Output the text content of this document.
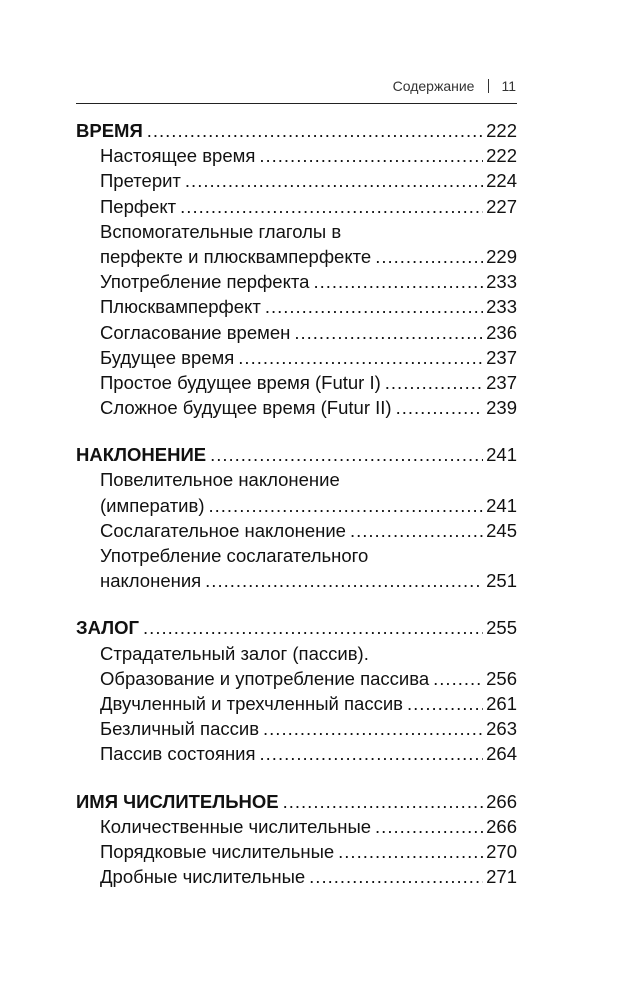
Содержание 11
ВРЕМЯ .....	222
Настоящее время .....	222
Претерит .....	224
Перфект .....	227
Вспомогательные глаголы в
перфекте и плюсквамперфекте .....	229
Употребление перфекта .....	233
Плюсквамперфект .....	233
Согласование времен .....	236
Будущее время .....	237
Простое будущее время (Futur I) .....	237
Сложное будущее время (Futur II) .....	239
НАКЛОНЕНИЕ .....	241
Повелительное наклонение
(императив) .....	241
Сослагательное наклонение .....	245
Употребление сослагательного
наклонения .....	251
ЗАЛОГ .....	255
Страдательный залог (пассив).
Образование и употребление пассива .....	256
Двучленный и трехчленный пассив .....	261
Безличный пассив .....	263
Пассив состояния .....	264
ИМЯ ЧИСЛИТЕЛЬНОЕ .....	266
Количественные числительные .....	266
Порядковые числительные .....	270
Дробные числительные .....	271
